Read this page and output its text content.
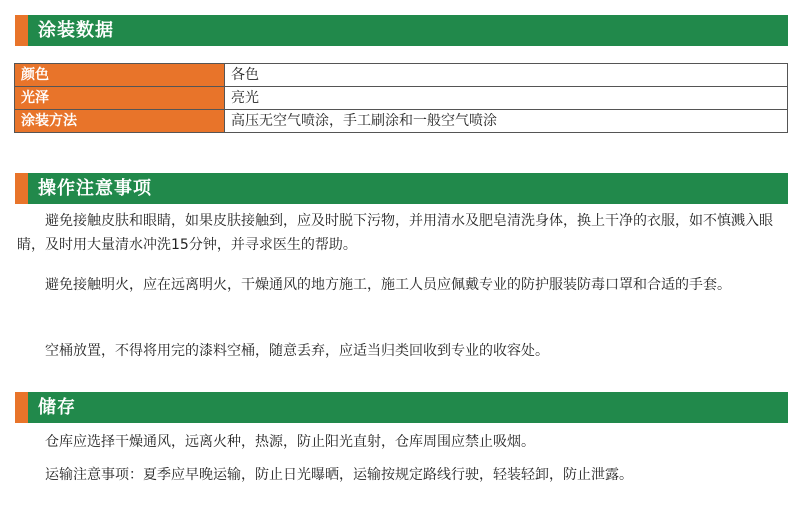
涂装数据
颜色	各色
光泽	亮光
涂装方法	高压无空气喷涂，手工刷涂和一般空气喷涂
操作注意事项

避免接触皮肤和眼睛，如果皮肤接触到，应及时脱下污物，并用清水及肥皂清洗身体，换上干净的衣服，如不慎溅入眼睛，及时用大量清水冲洗15分钟，并寻求医生的帮助。

避免接触明火，应在远离明火，干燥通风的地方施工，施工人员应佩戴专业的防护服装防毒口罩和合适的手套。

空桶放置，不得将用完的漆料空桶，随意丢弃，应适当归类回收到专业的收容处。

储存

仓库应选择干燥通风，远离火种，热源，防止阳光直射，仓库周围应禁止吸烟。

运输注意事项：夏季应早晚运输，防止日光曝晒，运输按规定路线行驶，轻装轻卸，防止泄露。
